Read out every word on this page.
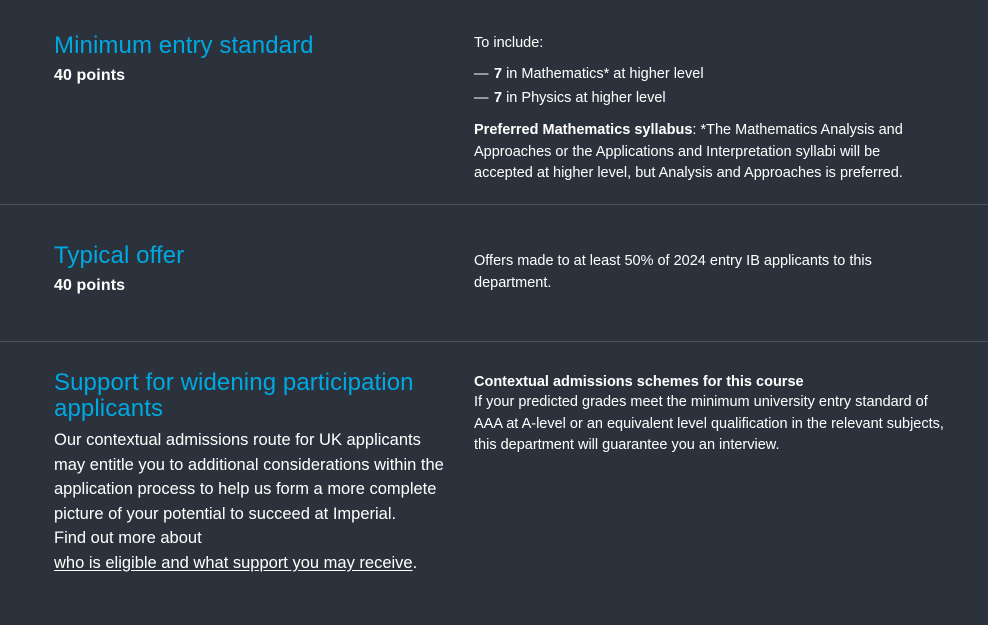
Minimum entry standard
40 points
To include:
— 7 in Mathematics* at higher level
— 7 in Physics at higher level
Preferred Mathematics syllabus: *The Mathematics Analysis and Approaches or the Applications and Interpretation syllabi will be accepted at higher level, but Analysis and Approaches is preferred.
Typical offer
40 points
Offers made to at least 50% of 2024 entry IB applicants to this department.
Support for widening participation applicants
Our contextual admissions route for UK applicants may entitle you to additional considerations within the application process to help us form a more complete picture of your potential to succeed at Imperial.
Find out more about
who is eligible and what support you may receive.
Contextual admissions schemes for this course
If your predicted grades meet the minimum university entry standard of AAA at A-level or an equivalent level qualification in the relevant subjects, this department will guarantee you an interview.
